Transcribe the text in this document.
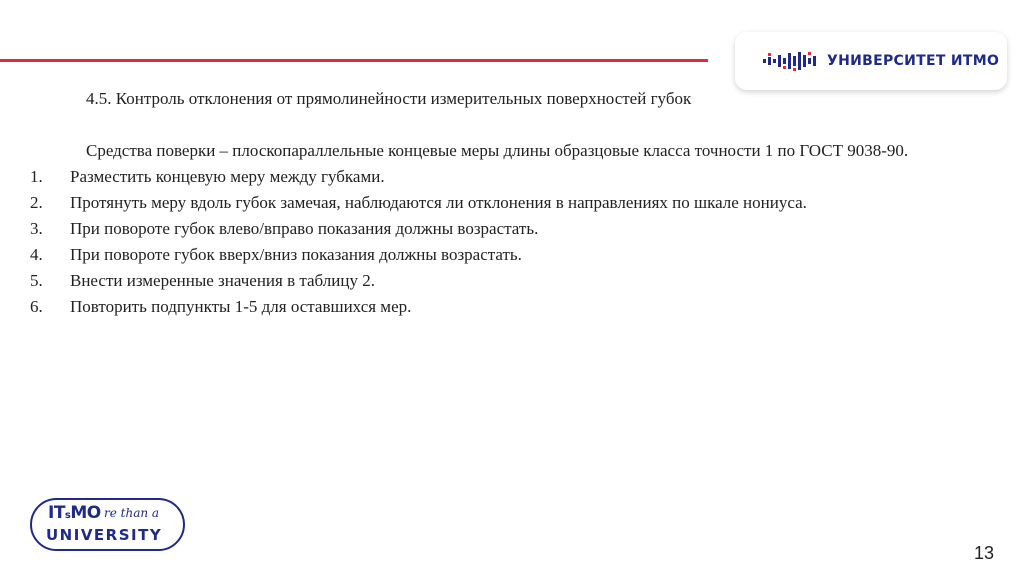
УНИВЕРСИТЕТ ИТМО
4.5. Контроль отклонения от прямолинейности измерительных поверхностей губок
Средства поверки – плоскопараллельные концевые меры длины образцовые класса точности 1 по ГОСТ 9038-90.
1.	Разместить концевую меру между губками.
2.	Протянуть меру вдоль губок замечая, наблюдаются ли отклонения в направлениях по шкале нониуса.
3.	При повороте губок влево/вправо показания должны возрастать.
4.	При повороте губок вверх/вниз показания должны возрастать.
5.	Внести измеренные значения в таблицу 2.
6.	Повторить подпункты 1-5 для оставшихся мер.
ITsMO re than a
UNIVERSITY
13
